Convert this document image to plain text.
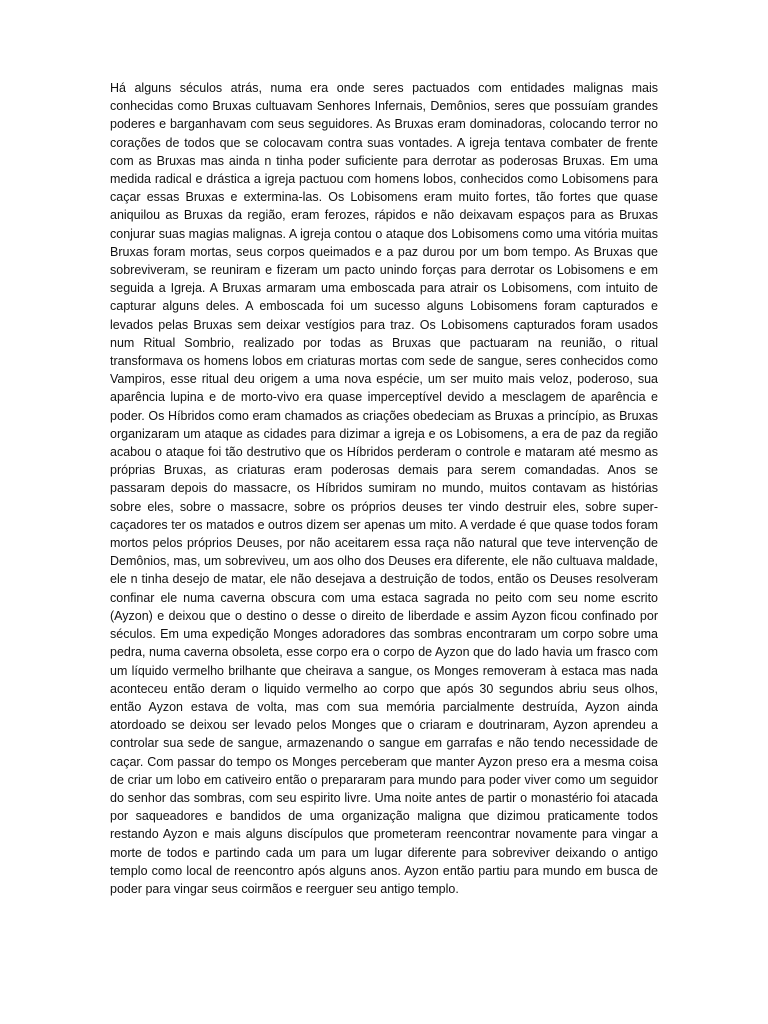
Há alguns séculos atrás, numa era onde seres pactuados com entidades malignas mais conhecidas como Bruxas cultuavam Senhores Infernais, Demônios, seres que possuíam grandes poderes e barganhavam com seus seguidores. As Bruxas eram dominadoras, colocando terror no corações de todos que se colocavam contra suas vontades. A igreja tentava combater de frente com as Bruxas mas ainda n tinha poder suficiente para derrotar as poderosas Bruxas. Em uma medida radical e drástica a igreja pactuou com homens lobos, conhecidos como Lobisomens para caçar essas Bruxas e extermina-las. Os Lobisomens eram muito fortes, tão fortes que quase aniquilou as Bruxas da região, eram ferozes, rápidos e não deixavam espaços para as Bruxas conjurar suas magias malignas. A igreja contou o ataque dos Lobisomens como uma vitória muitas Bruxas foram mortas, seus corpos queimados e a paz durou por um bom tempo. As Bruxas que sobreviveram, se reuniram e fizeram um pacto unindo forças para derrotar os Lobisomens e em seguida a Igreja. A Bruxas armaram uma emboscada para atrair os Lobisomens, com intuito de capturar alguns deles. A emboscada foi um sucesso alguns Lobisomens foram capturados e levados pelas Bruxas sem deixar vestígios para traz. Os Lobisomens capturados foram usados num Ritual Sombrio, realizado por todas as Bruxas que pactuaram na reunião, o ritual transformava os homens lobos em criaturas mortas com sede de sangue, seres conhecidos como Vampiros, esse ritual deu origem a uma nova espécie, um ser muito mais veloz, poderoso, sua aparência lupina e de morto-vivo era quase imperceptível devido a mesclagem de aparência e poder. Os Híbridos como eram chamados as criações obedeciam as Bruxas a princípio, as Bruxas organizaram um ataque as cidades para dizimar a igreja e os Lobisomens, a era de paz da região acabou o ataque foi tão destrutivo que os Híbridos perderam o controle e mataram até mesmo as próprias Bruxas, as criaturas eram poderosas demais para serem comandadas. Anos se passaram depois do massacre, os Híbridos sumiram no mundo, muitos contavam as histórias sobre eles, sobre o massacre, sobre os próprios deuses ter vindo destruir eles, sobre super-caçadores ter os matados e outros dizem ser apenas um mito. A verdade é que quase todos foram mortos pelos próprios Deuses, por não aceitarem essa raça não natural que teve intervenção de Demônios, mas, um sobreviveu, um aos olho dos Deuses era diferente, ele não cultuava maldade, ele n tinha desejo de matar, ele não desejava a destruição de todos, então os Deuses resolveram confinar ele numa caverna obscura com uma estaca sagrada no peito com seu nome escrito (Ayzon) e deixou que o destino o desse o direito de liberdade e assim Ayzon ficou confinado por séculos. Em uma expedição Monges adoradores das sombras encontraram um corpo sobre uma pedra, numa caverna obsoleta, esse corpo era o corpo de Ayzon que do lado havia um frasco com um líquido vermelho brilhante que cheirava a sangue, os Monges removeram à estaca mas nada aconteceu então deram o liquido vermelho ao corpo que após 30 segundos abriu seus olhos, então Ayzon estava de volta, mas com sua memória parcialmente destruída, Ayzon ainda atordoado se deixou ser levado pelos Monges que o criaram e doutrinaram, Ayzon aprendeu a controlar sua sede de sangue, armazenando o sangue em garrafas e não tendo necessidade de caçar. Com passar do tempo os Monges perceberam que manter Ayzon preso era a mesma coisa de criar um lobo em cativeiro então o prepararam para mundo para poder viver como um seguidor do senhor das sombras, com seu espirito livre. Uma noite antes de partir o monastério foi atacada por saqueadores e bandidos de uma organização maligna que dizimou praticamente todos restando Ayzon e mais alguns discípulos que prometeram reencontrar novamente para vingar a morte de todos e partindo cada um para um lugar diferente para sobreviver deixando o antigo templo como local de reencontro após alguns anos. Ayzon então partiu para mundo em busca de poder para vingar seus coirmãos e reerguer seu antigo templo.
